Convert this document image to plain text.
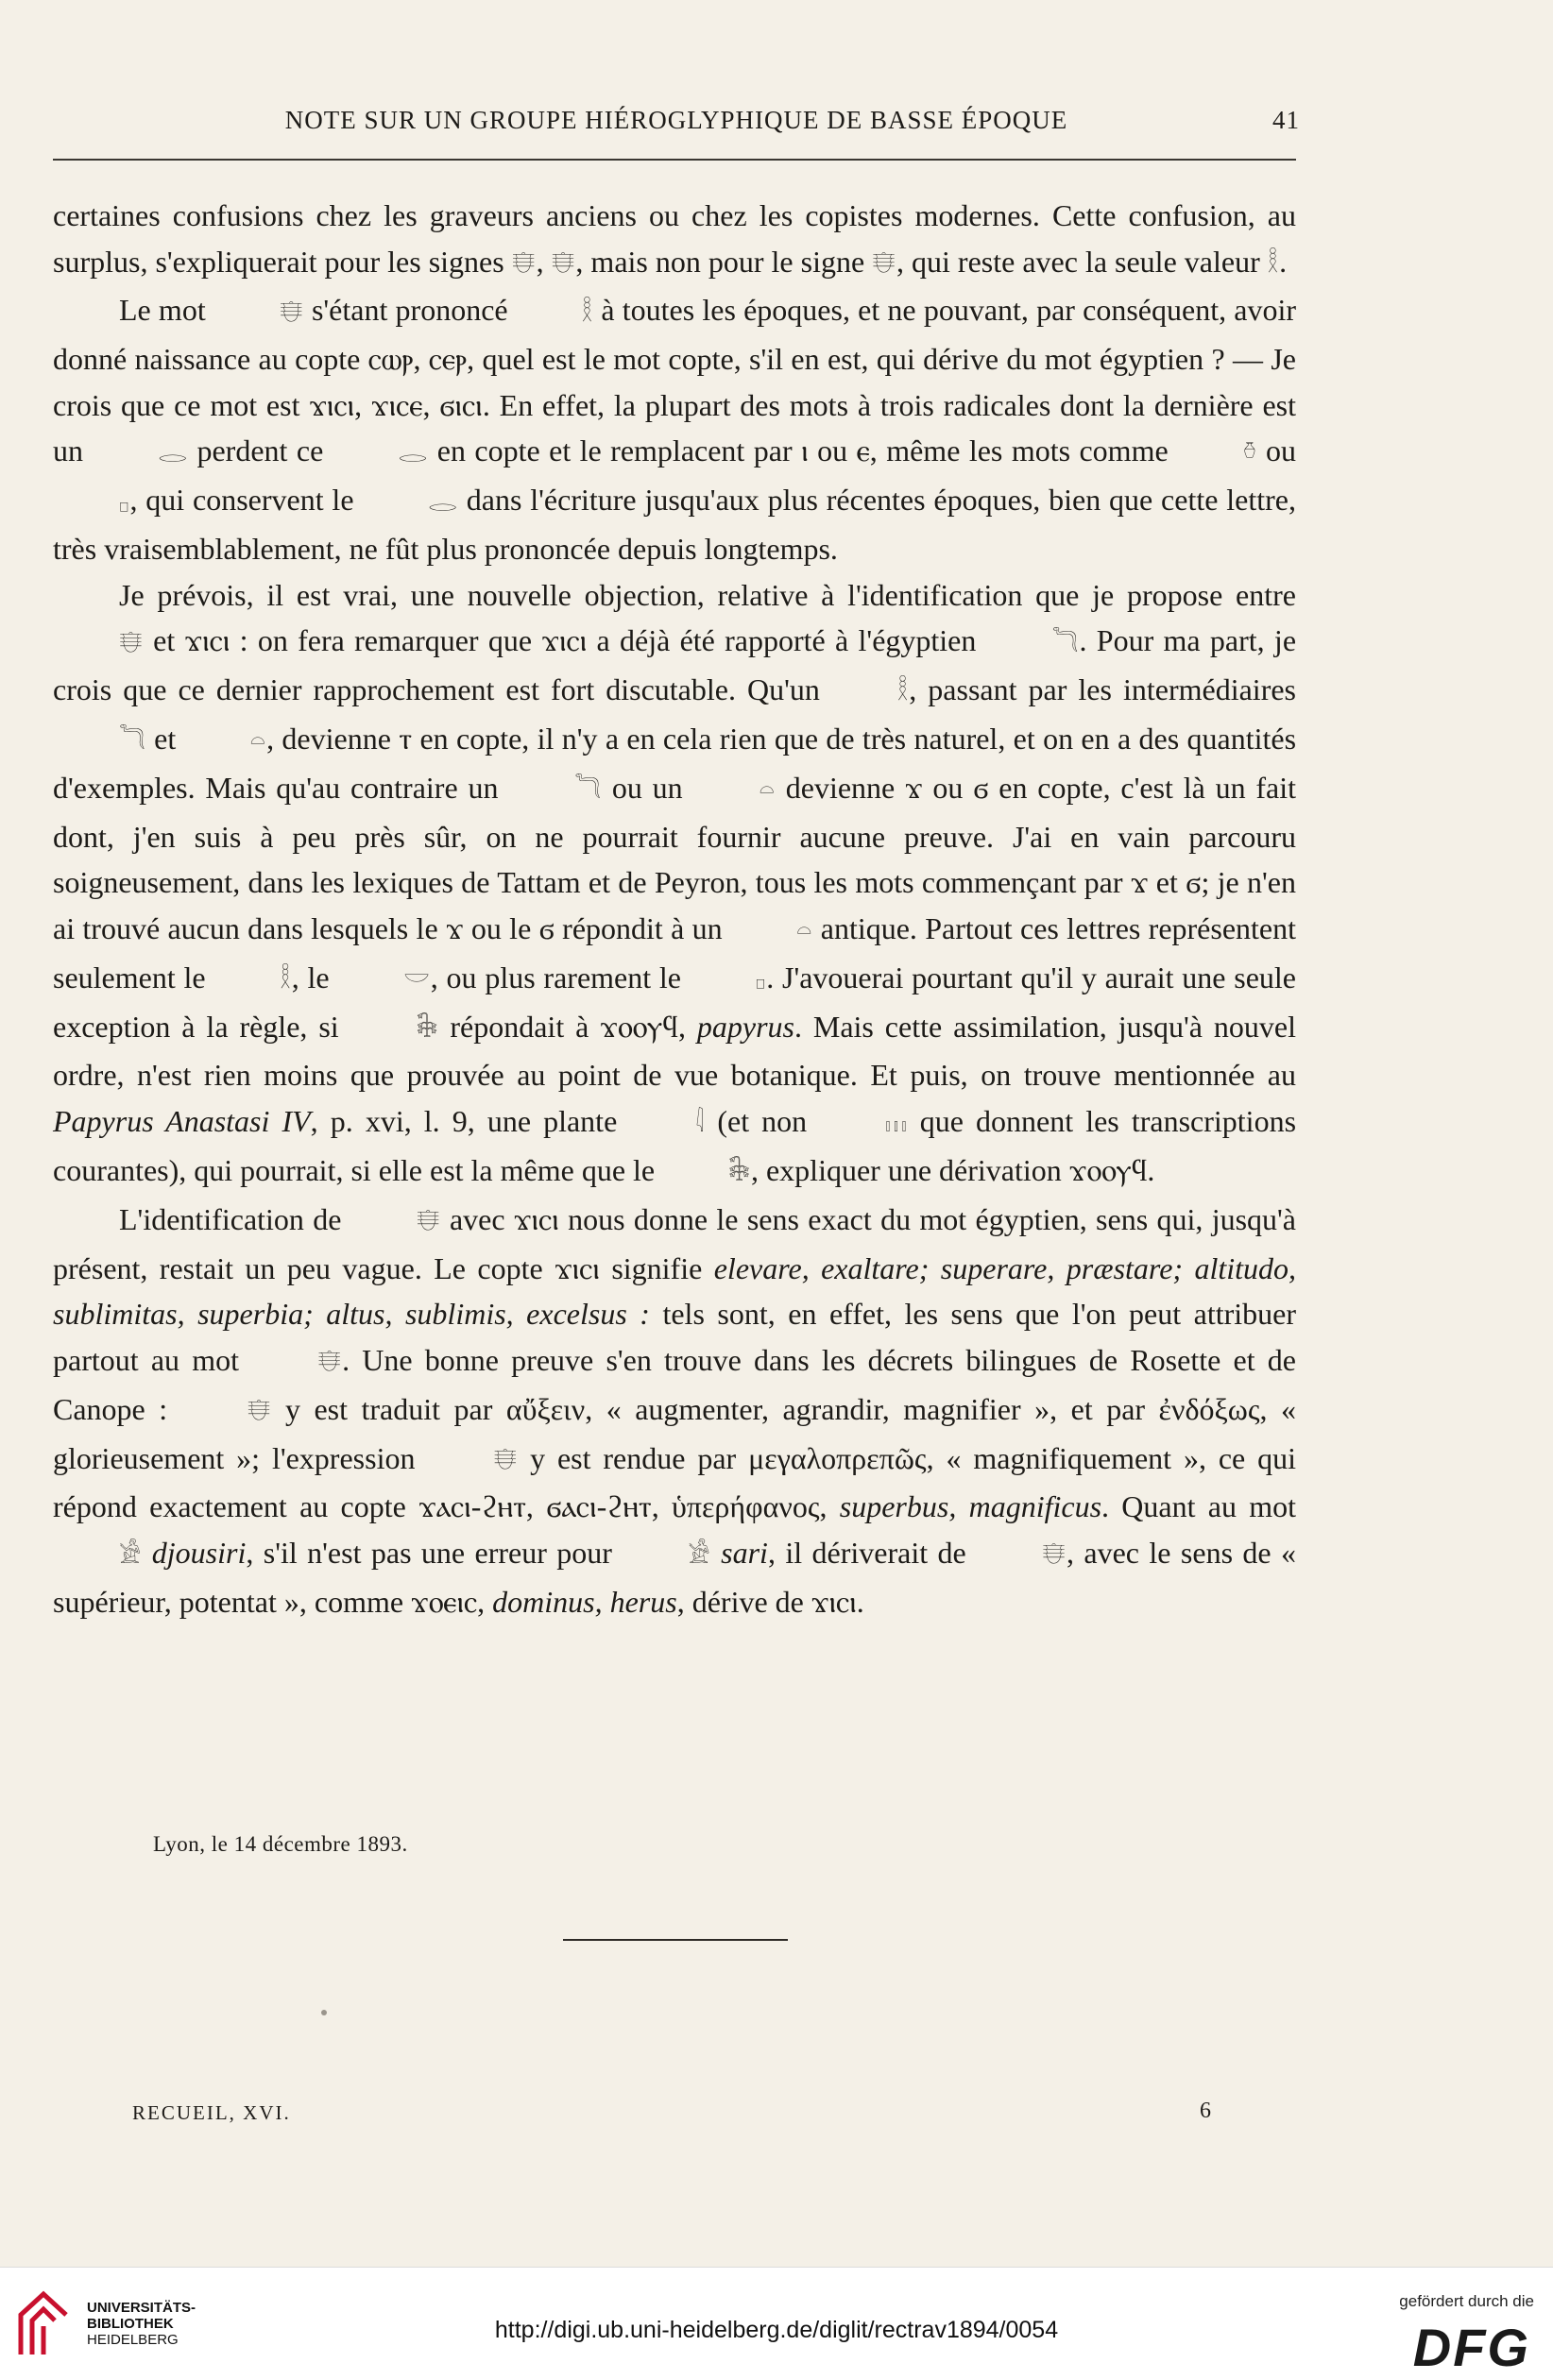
NOTE SUR UN GROUPE HIÉROGLYPHIQUE DE BASSE ÉPOQUE	41

certaines confusions chez les graveurs anciens ou chez les copistes modernes. Cette confusion, au surplus, s'expliquerait pour les signes 𓄬, 𓄬, mais non pour le signe 𓄬, qui reste avec la seule valeur 𓎛.

Le mot	𓄬 s'étant prononcé	𓎛 à toutes les époques, et ne pouvant, par conséquent, avoir donné naissance au copte ⲥⲱⲣ, ⲥⲉⲣ, quel est le mot copte, s'il en est, qui dérive du mot égyptien ? — Je crois que ce mot est ϫⲓⲥⲓ, ϫⲓⲥⲉ, ϭⲓⲥⲓ. En effet, la plupart des mots à trois radicales dont la dernière est un	𓂋 perdent ce	𓂋 en copte et le remplacent par ⲓ ou ⲉ, même les mots comme	𓏊 ou 𓊪, qui conservent le	𓂋 dans l'écriture jusqu'aux plus récentes époques, bien que cette lettre, très vraisemblablement, ne fût plus prononcée depuis longtemps.

Je prévois, il est vrai, une nouvelle objection, relative à l'identification que je propose entre 𓄬 et ϫⲓⲥⲓ : on fera remarquer que ϫⲓⲥⲓ a déjà été rapporté à l'égyptien	𓆓. Pour ma part, je crois que ce dernier rapprochement est fort discutable. Qu'un	𓎛, passant par les intermédiaires 𓆓 et	𓏏, devienne ⲧ en copte, il n'y a en cela rien que de très naturel, et on en a des quantités d'exemples. Mais qu'au contraire un	𓆓 ou un	𓏏 devienne ϫ ou ϭ en copte, c'est là un fait dont, j'en suis à peu près sûr, on ne pourrait fournir aucune preuve. J'ai en vain parcouru soigneusement, dans les lexiques de Tattam et de Peyron, tous les mots commençant par ϫ et ϭ; je n'en ai trouvé aucun dans lesquels le ϫ ou le ϭ répondit à un	𓏏 antique. Partout ces lettres représentent seulement le	𓎛, le	𓎟, ou plus rarement le	𓊪. J'avouerai pourtant qu'il y aurait une seule exception à la règle, si	𓇗 répondait à ϫⲟⲟⲩϥ, papyrus. Mais cette assimilation, jusqu'à nouvel ordre, n'est rien moins que prouvée au point de vue botanique. Et puis, on trouve mentionnée au Papyrus Anastasi IV, p. xvi, l. 9, une plante	𓇋 (et non	𓏥 que donnent les transcriptions courantes), qui pourrait, si elle est la même que le	𓇗, expliquer une dérivation ϫⲟⲟⲩϥ.

L'identification de	𓄬 avec ϫⲓⲥⲓ nous donne le sens exact du mot égyptien, sens qui, jusqu'à présent, restait un peu vague. Le copte ϫⲓⲥⲓ signifie elevare, exaltare; superare, præstare; altitudo, sublimitas, superbia; altus, sublimis, excelsus : tels sont, en effet, les sens que l'on peut attribuer partout au mot	𓄬. Une bonne preuve s'en trouve dans les décrets bilingues de Rosette et de Canope :	𓄬 y est traduit par αὔξειν, « augmenter, agrandir, magnifier », et par ἐνδόξως, « glorieusement »; l'expression	𓄬 y est rendue par μεγαλοπρεπῶς, « magnifiquement », ce qui répond exactement au copte ϫⲁⲥⲓ-ϩⲏⲧ, ϭⲁⲥⲓ-ϩⲏⲧ, ὑπερήφανος, superbus, magnificus. Quant au mot 𓀀 djousiri, s'il n'est pas une erreur pour	𓀀 sari, il dériverait de	𓄬, avec le sens de « supérieur, potentat », comme ϫⲟⲉⲓⲥ, dominus, herus, dérive de ϫⲓⲥⲓ.

Lyon, le 14 décembre 1893.
RECUEIL, XVI.	6
UNIVERSITÄTS-
BIBLIOTHEK
HEIDELBERG	http://digi.ub.uni-heidelberg.de/diglit/rectrav1894/0054
gefördert durch die
DFG
